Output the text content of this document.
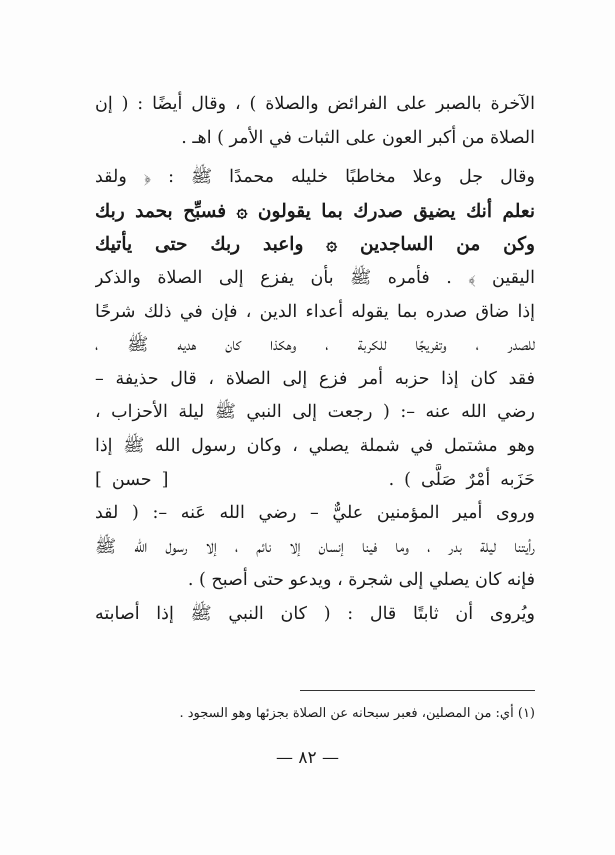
الآخرة بالصبر على الفرائض والصلاة ) ، وقال أيضًا : ( إن
الصلاة من أكبر العون على الثبات في الأمر ) اهـ .
وقال جل وعلا مخاطبًا خليله محمدًا ﷺ : ﴿ ولقد
نعلم أنك يضيق صدرك بما يقولون ۞ فسبِّح بحمد ربك
وكن من الساجدين ۞ واعبد ربك حتى يأتيك
اليقين ﴾ . فأمره ﷺ بأن يفزع إلى الصلاة والذكر
إذا ضاق صدره بما يقوله أعداء الدين ، فإن في ذلك شرحًا
للصدر ، وتفريجًا للكربة ، وهكذا كان هديه ﷺ ،
فقد كان إذا حزبه أمر فزع إلى الصلاة ، قال حذيفة –
رضي الله عنه –: ( رجعت إلى النبي ﷺ ليلة الأحزاب ،
وهو مشتمل في شملة يصلي ، وكان رسول الله ﷺ إذا
حَزَبه أمْرٌ صَلَّى ) .  [ حسن ]
وروى أمير المؤمنين عليٌّ – رضي الله عَنه –: ( لقد
رأيتنا ليلة بدر ، وما فينا إنسان إلا نائم ، إلا رسول الله ﷺ
فإنه كان يصلي إلى شجرة ، ويدعو حتى أصبح ) .
ويُروى أن ثابتًا قال : ( كان النبي ﷺ إذا أصابته
(١) أي: من المصلين، فعبر سبحانه عن الصلاة بجزئها وهو السجود .
— ٨٢ —
